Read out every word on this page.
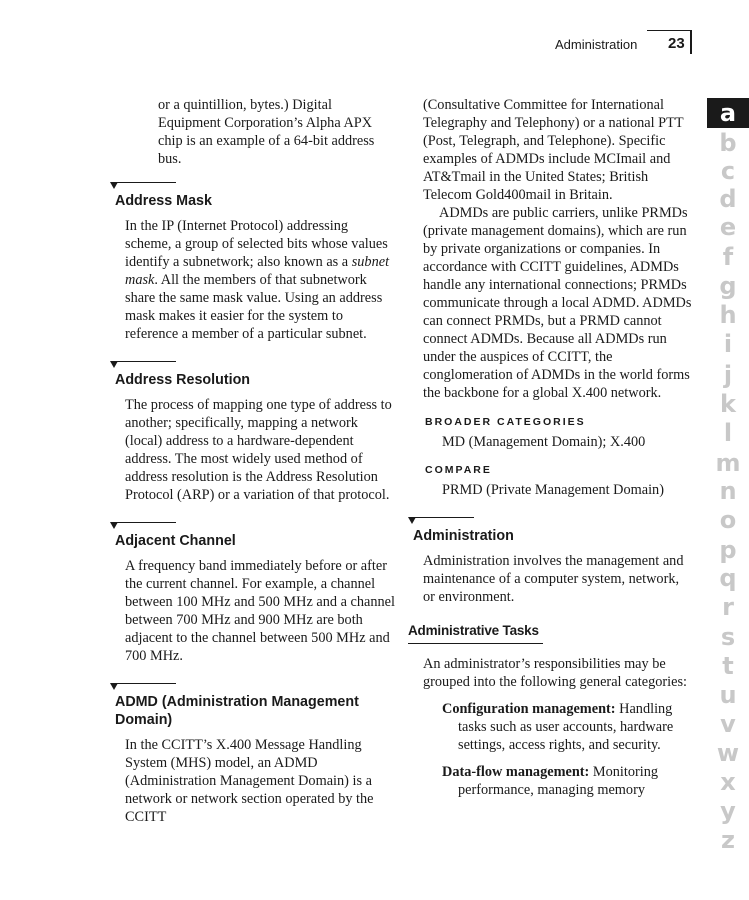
Administration 23

or a quintillion, bytes.) Digital Equipment Corporation’s Alpha APX chip is an example of a 64-bit address bus.

Address Mask

In the IP (Internet Protocol) addressing scheme, a group of selected bits whose values identify a subnetwork; also known as a subnet mask. All the members of that subnetwork share the same mask value. Using an address mask makes it easier for the system to reference a member of a particular subnet.

Address Resolution

The process of mapping one type of address to another; specifically, mapping a network (local) address to a hardware-dependent address. The most widely used method of address resolution is the Address Resolution Protocol (ARP) or a variation of that protocol.

Adjacent Channel

A frequency band immediately before or after the current channel. For example, a channel between 100 MHz and 500 MHz and a channel between 700 MHz and 900 MHz are both adjacent to the channel between 500 MHz and 700 MHz.

ADMD (Administration Management Domain)

In the CCITT’s X.400 Message Handling System (MHS) model, an ADMD (Administration Management Domain) is a network or network section operated by the CCITT

(Consultative Committee for International Telegraphy and Telephony) or a national PTT (Post, Telegraph, and Telephone). Specific examples of ADMDs include MCImail and AT&Tmail in the United States; British Telecom Gold400mail in Britain.

ADMDs are public carriers, unlike PRMDs (private management domains), which are run by private organizations or companies. In accordance with CCITT guidelines, ADMDs handle any international connections; PRMDs communicate through a local ADMD. ADMDs can connect PRMDs, but a PRMD cannot connect ADMDs. Because all ADMDs run under the auspices of CCITT, the conglomeration of ADMDs in the world forms the backbone for a global X.400 network.

BROADER CATEGORIES

MD (Management Domain); X.400

COMPARE

PRMD (Private Management Domain)

Administration

Administration involves the management and maintenance of a computer system, network, or environment.

Administrative Tasks

An administrator’s responsibilities may be grouped into the following general categories:

Configuration management: Handling tasks such as user accounts, hardware settings, access rights, and security.

Data-flow management: Monitoring performance, managing memory

a
b
c
d
e
f
g
h
i
j
k
l
m
n
o
p
q
r
s
t
u
v
w
x
y
z
